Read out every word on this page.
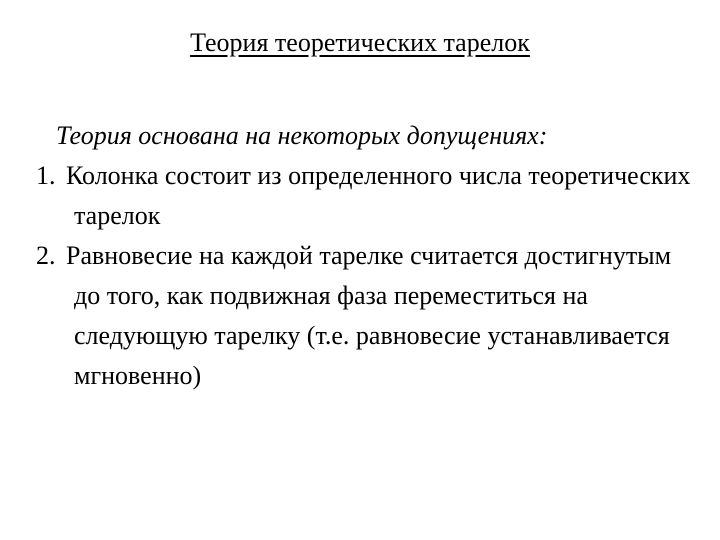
Теория теоретических тарелок
Теория основана на некоторых допущениях:
1. Колонка состоит из определенного числа теоретических тарелок
2. Равновесие на каждой тарелке считается достигнутым до того, как подвижная фаза переместиться на следующую тарелку (т.е. равновесие устанавливается мгновенно)
